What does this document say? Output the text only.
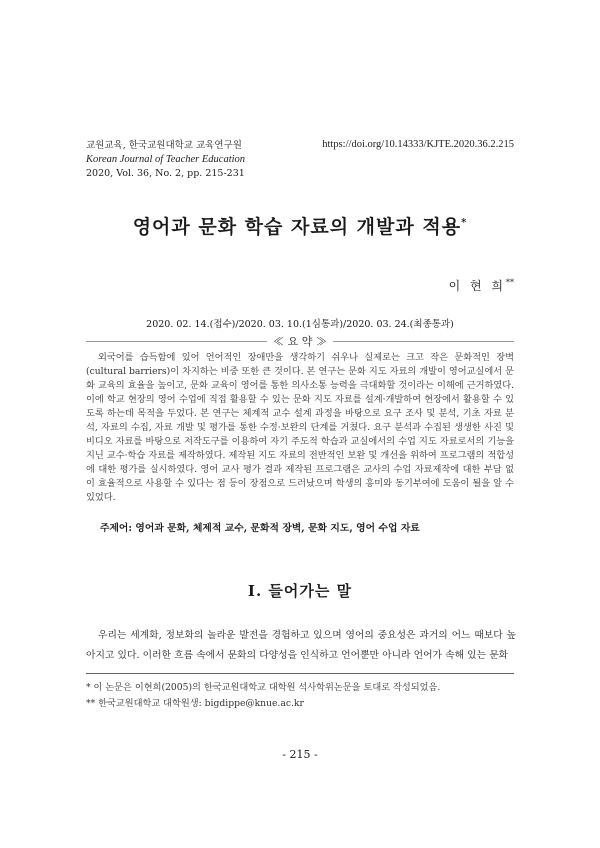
교원교육, 한국교원대학교 교육연구원
Korean Journal of Teacher Education
2020, Vol. 36, No. 2, pp. 215-231
https://doi.org/10.14333/KJTE.2020.36.2.215
영어과 문화 학습 자료의 개발과 적용*
이 현 희**
2020. 02. 14.(접수)/2020. 03. 10.(1심통과)/2020. 03. 24.(최종통과)
≪ 요 약 ≫

외국어를 습득함에 있어 언어적인 장애만을 생각하기 쉬우나 실제로는 크고 작은 문화적인 장벽(cultural barriers)이 차지하는 비중 또한 큰 것이다. 본 연구는 문화 지도 자료의 개발이 영어교실에서 문화 교육의 효율을 높이고, 문화 교육이 영어를 통한 의사소통 능력을 극대화할 것이라는 이해에 근거하였다. 이에 학교 현장의 영어 수업에 직접 활용할 수 있는 문화 지도 자료를 설계·개발하여 현장에서 활용할 수 있도록 하는데 목적을 두었다. 본 연구는 체계적 교수 설계 과정을 바탕으로 요구 조사 및 분석, 기초 자료 분석, 자료의 수집, 자료 개발 및 평가를 통한 수정·보완의 단계를 거쳤다. 요구 분석과 수집된 생생한 사진 및 비디오 자료를 바탕으로 저작도구를 이용하여 자기 주도적 학습과 교실에서의 수업 지도 자료로서의 기능을 지닌 교수·학습 자료를 제작하였다. 제작된 지도 자료의 전반적인 보완 및 개선을 위하여 프로그램의 적합성에 대한 평가를 실시하였다. 영어 교사 평가 결과 제작된 프로그램은 교사의 수업 자료제작에 대한 부담 없이 효율적으로 사용할 수 있다는 점 등이 장점으로 드러났으며 학생의 흥미와 동기부여에 도움이 될을 알 수 있었다.

주제어: 영어과 문화, 체제적 교수, 문화적 장벽, 문화 지도, 영어 수업 자료
Ⅰ. 들어가는 말

우리는 세계화, 정보화의 놀라운 발전을 경험하고 있으며 영어의 중요성은 과거의 어느 때보다 높아지고 있다. 이러한 흐름 속에서 문화의 다양성을 인식하고 언어뿐만 아니라 언어가 속해 있는 문화

* 이 논문은 이현희(2005)의 한국교원대학교 대학원 석사학위논문을 토대로 작성되었음.
** 한국교원대학교 대학원생: bigdippe@knue.ac.kr
- 215 -
